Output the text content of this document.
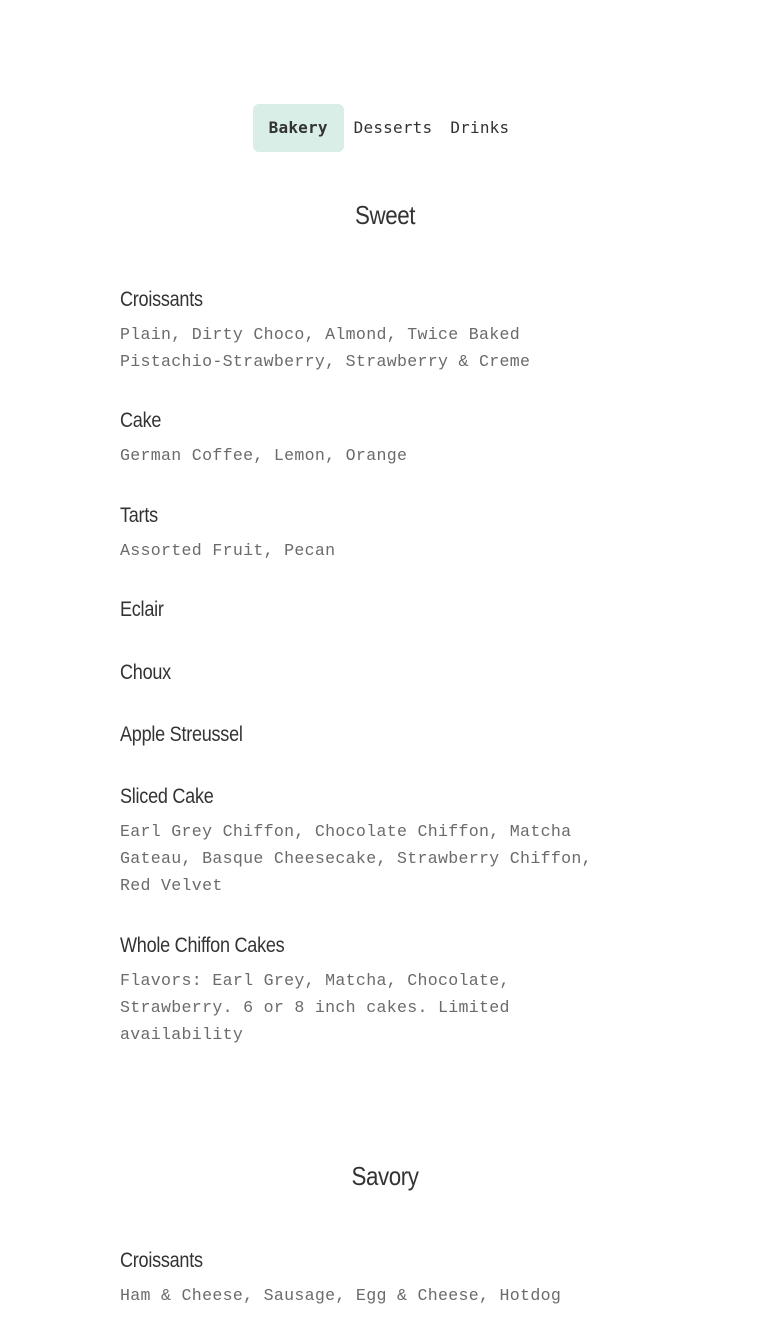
Bakery	Desserts	Drinks
Sweet
Croissants
Plain, Dirty Choco, Almond, Twice Baked
Pistachio-Strawberry, Strawberry & Creme
Cake
German Coffee, Lemon, Orange
Tarts
Assorted Fruit, Pecan
Eclair
Choux
Apple Streussel
Sliced Cake
Earl Grey Chiffon, Chocolate Chiffon, Matcha
Gateau, Basque Cheesecake, Strawberry Chiffon,
Red Velvet
Whole Chiffon Cakes
Flavors: Earl Grey, Matcha, Chocolate,
Strawberry. 6 or 8 inch cakes. Limited
availability
Savory
Croissants
Ham & Cheese, Sausage, Egg & Cheese, Hotdog
